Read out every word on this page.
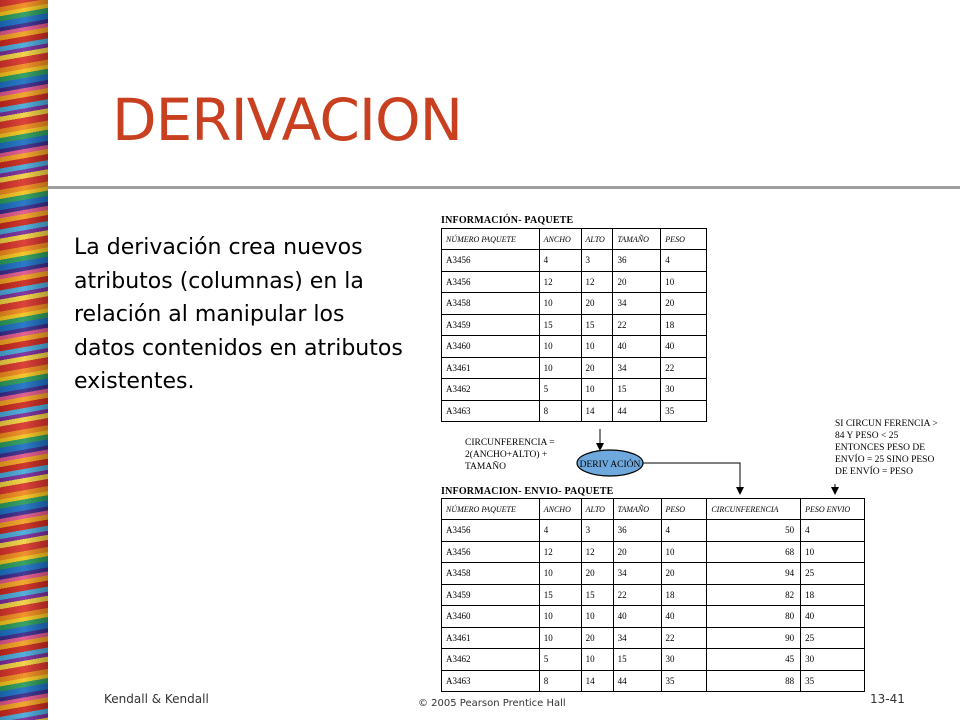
DERIVACION
La derivación crea nuevos atributos (columnas) en la relación al manipular los datos contenidos en atributos existentes.
INFORMACIÓN- PAQUETE
NÚMERO PAQUETE	ANCHO	ALTO	TAMAÑO	PESO
A3456	4	3	36	4
A3456	12	12	20	10
A3458	10	20	34	20
A3459	15	15	22	18
A3460	10	10	40	40
A3461	10	20	34	22
A3462	5	10	15	30
A3463	8	14	44	35
DERIV ACIÓN
CIRCUNFERENCIA =
2(ANCHO+ALTO) +
TAMAÑO
SI CIRCUN FERENCIA >
84 Y PESO < 25
ENTONCES PESO DE
ENVÍO = 25 SINO PESO
DE ENVÍO = PESO
INFORMACION- ENVIO- PAQUETE
NÚMERO PAQUETE	ANCHO	ALTO	TAMAÑO	PESO	CIRCUNFERENCIA	PESO ENVIO
A3456	4	3	36	4	50	4
A3456	12	12	20	10	68	10
A3458	10	20	34	20	94	25
A3459	15	15	22	18	82	18
A3460	10	10	40	40	80	40
A3461	10	20	34	22	90	25
A3462	5	10	15	30	45	30
A3463	8	14	44	35	88	35
Kendall & Kendall	© 2005 Pearson Prentice Hall	13-41
